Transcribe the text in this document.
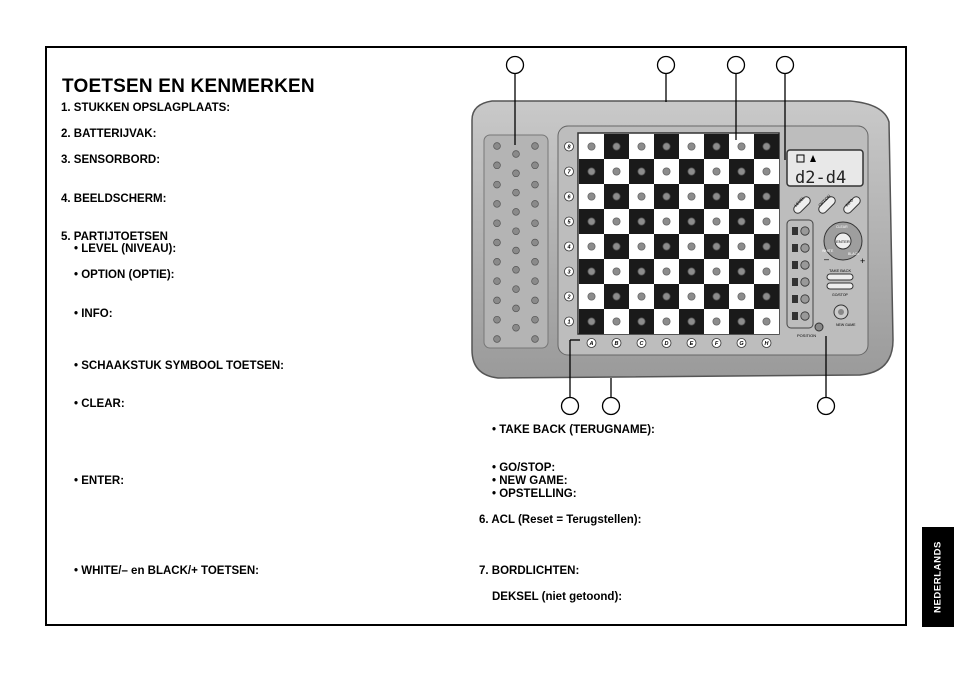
TOETSEN EN KENMERKEN
1. STUKKEN OPSLAGPLAATS:
2. BATTERIJVAK:
3. SENSORBORD:
4. BEELDSCHERM:
5. PARTIJTOETSEN
• LEVEL (NIVEAU):
• OPTION (OPTIE):
• INFO:
• SCHAAKSTUK SYMBOOL TOETSEN:
• CLEAR:
• ENTER:
• WHITE/– en BLACK/+ TOETSEN:
• TAKE BACK (TERUGNAME):
• GO/STOP:
• NEW GAME:
• OPSTELLING:
6. ACL (Reset = Terugstellen):
7. BORDLICHTEN:
DEKSEL (niet getoond):	NEDERLANDS
8
7
6
5
4
3
2
1
A	B	C	D	E	F	G	H
d2-d4
LEVEL	OPTION	INFO
ENTER
CLEAR
WHITE
BLACK
–	+
TAKE BACK
GO/STOP
NEW GAME
POSITION
